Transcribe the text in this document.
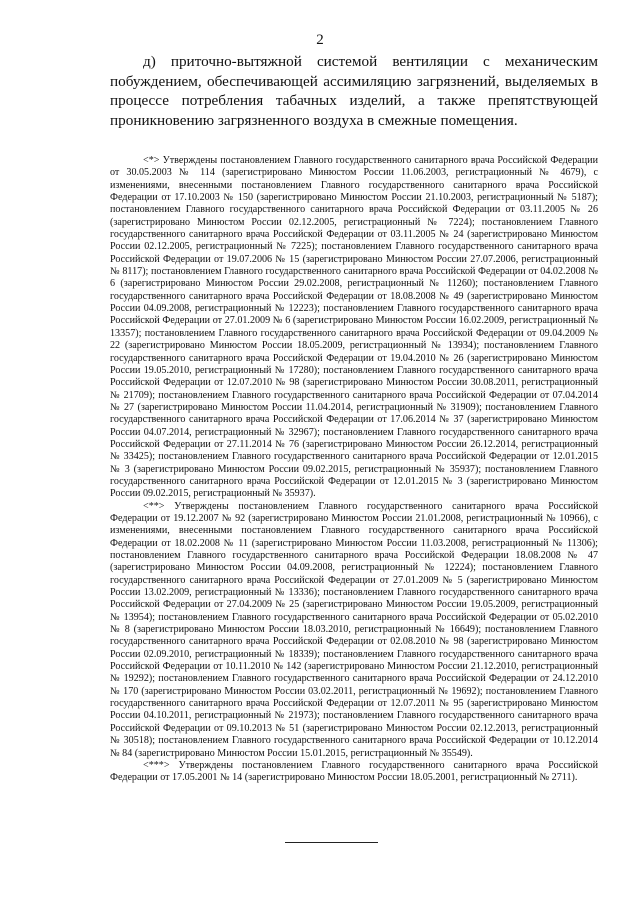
2

д) приточно-вытяжной системой вентиляции с механическим побуждением, обеспечивающей ассимиляцию загрязнений, выделяемых в процессе потребления табачных изделий, а также препятствующей проникновению загрязненного воздуха в смежные помещения.

<*> Утверждены постановлением Главного государственного санитарного врача Российской Федерации от 30.05.2003 № 114 (зарегистрировано Минюстом России 11.06.2003, регистрационный № 4679), с изменениями, внесенными постановлением Главного государственного санитарного врача Российской Федерации от 17.10.2003 № 150 (зарегистрировано Минюстом России 21.10.2003, регистрационный № 5187); постановлением Главного государственного санитарного врача Российской Федерации от 03.11.2005 № 26 (зарегистрировано Минюстом России 02.12.2005, регистрационный № 7224); постановлением Главного государственного санитарного врача Российской Федерации от 03.11.2005 № 24 (зарегистрировано Минюстом России 02.12.2005, регистрационный № 7225); постановлением Главного государственного санитарного врача Российской Федерации от 19.07.2006 № 15 (зарегистрировано Минюстом России 27.07.2006, регистрационный № 8117); постановлением Главного государственного санитарного врача Российской Федерации от 04.02.2008 № 6 (зарегистрировано Минюстом России 29.02.2008, регистрационный № 11260); постановлением Главного государственного санитарного врача Российской Федерации от 18.08.2008 № 49 (зарегистрировано Минюстом России 04.09.2008, регистрационный № 12223); постановлением Главного государственного санитарного врача Российской Федерации от 27.01.2009 № 6 (зарегистрировано Минюстом России 16.02.2009, регистрационный № 13357); постановлением Главного государственного санитарного врача Российской Федерации от 09.04.2009 № 22 (зарегистрировано Минюстом России 18.05.2009, регистрационный № 13934); постановлением Главного государственного санитарного врача Российской Федерации от 19.04.2010 № 26 (зарегистрировано Минюстом России 19.05.2010, регистрационный № 17280); постановлением Главного государственного санитарного врача Российской Федерации от 12.07.2010 № 98 (зарегистрировано Минюстом России 30.08.2011, регистрационный № 21709); постановлением Главного государственного санитарного врача Российской Федерации от 07.04.2014 № 27 (зарегистрировано Минюстом России 11.04.2014, регистрационный № 31909); постановлением Главного государственного санитарного врача Российской Федерации от 17.06.2014 № 37 (зарегистрировано Минюстом России 04.07.2014, регистрационный № 32967); постановлением Главного государственного санитарного врача Российской Федерации от 27.11.2014 № 76 (зарегистрировано Минюстом России 26.12.2014, регистрационный № 33425); постановлением Главного государственного санитарного врача Российской Федерации от 12.01.2015 № 3 (зарегистрировано Минюстом России 09.02.2015, регистрационный № 35937); постановлением Главного государственного санитарного врача Российской Федерации от 12.01.2015 № 3 (зарегистрировано Минюстом России 09.02.2015, регистрационный № 35937).

<**> Утверждены постановлением Главного государственного санитарного врача Российской Федерации от 19.12.2007 № 92 (зарегистрировано Минюстом России 21.01.2008, регистрационный № 10966), с изменениями, внесенными постановлением Главного государственного санитарного врача Российской Федерации от 18.02.2008 № 11 (зарегистрировано Минюстом России 11.03.2008, регистрационный № 11306); постановлением Главного государственного санитарного врача Российской Федерации 18.08.2008 № 47 (зарегистрировано Минюстом России 04.09.2008, регистрационный № 12224); постановлением Главного государственного санитарного врача Российской Федерации от 27.01.2009 № 5 (зарегистрировано Минюстом России 13.02.2009, регистрационный № 13336); постановлением Главного государственного санитарного врача Российской Федерации от 27.04.2009 № 25 (зарегистрировано Минюстом России 19.05.2009, регистрационный № 13954); постановлением Главного государственного санитарного врача Российской Федерации от 05.02.2010 № 8 (зарегистрировано Минюстом России 18.03.2010, регистрационный № 16649); постановлением Главного государственного санитарного врача Российской Федерации от 02.08.2010 № 98 (зарегистрировано Минюстом России 02.09.2010, регистрационный № 18339); постановлением Главного государственного санитарного врача Российской Федерации от 10.11.2010 № 142 (зарегистрировано Минюстом России 21.12.2010, регистрационный № 19292); постановлением Главного государственного санитарного врача Российской Федерации от 24.12.2010 № 170 (зарегистрировано Минюстом России 03.02.2011, регистрационный № 19692); постановлением Главного государственного санитарного врача Российской Федерации от 12.07.2011 № 95 (зарегистрировано Минюстом России 04.10.2011, регистрационный № 21973); постановлением Главного государственного санитарного врача Российской Федерации от 09.10.2013 № 51 (зарегистрировано Минюстом России 02.12.2013, регистрационный № 30518); постановлением Главного государственного санитарного врача Российской Федерации от 10.12.2014 № 84 (зарегистрировано Минюстом России 15.01.2015, регистрационный № 35549).

<***> Утверждены постановлением Главного государственного санитарного врача Российской Федерации от 17.05.2001 № 14 (зарегистрировано Минюстом России 18.05.2001, регистрационный № 2711).
